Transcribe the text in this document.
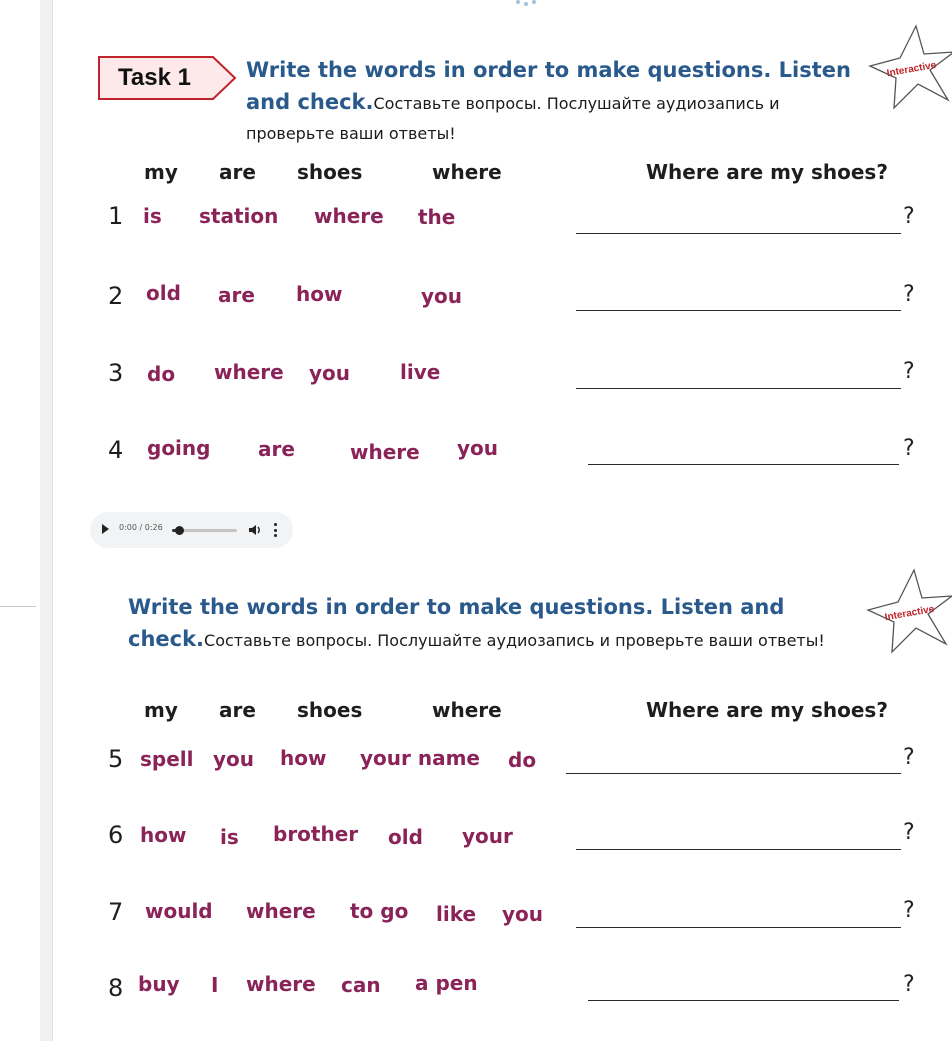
Task 1	Write the words in order to make questions. Listen and check.Составьте вопросы. Послушайте аудиозапись и проверьте ваши ответы!
Interactive
my are shoes	where	Where are my shoes?
1 is station where the	?
2 old are how	you	?
3 do where you live	?
4 going are	where you	?
0:00 / 0:26
Write the words in order to make questions. Listen and check.Составьте вопросы. Послушайте аудиозапись и проверьте ваши ответы!
Interactive
my are shoes	where	Where are my shoes?
5 spell you how your name do	?
6 how is brother old your	?
7 would where to go like you	?
8 buy I where can a pen	?
